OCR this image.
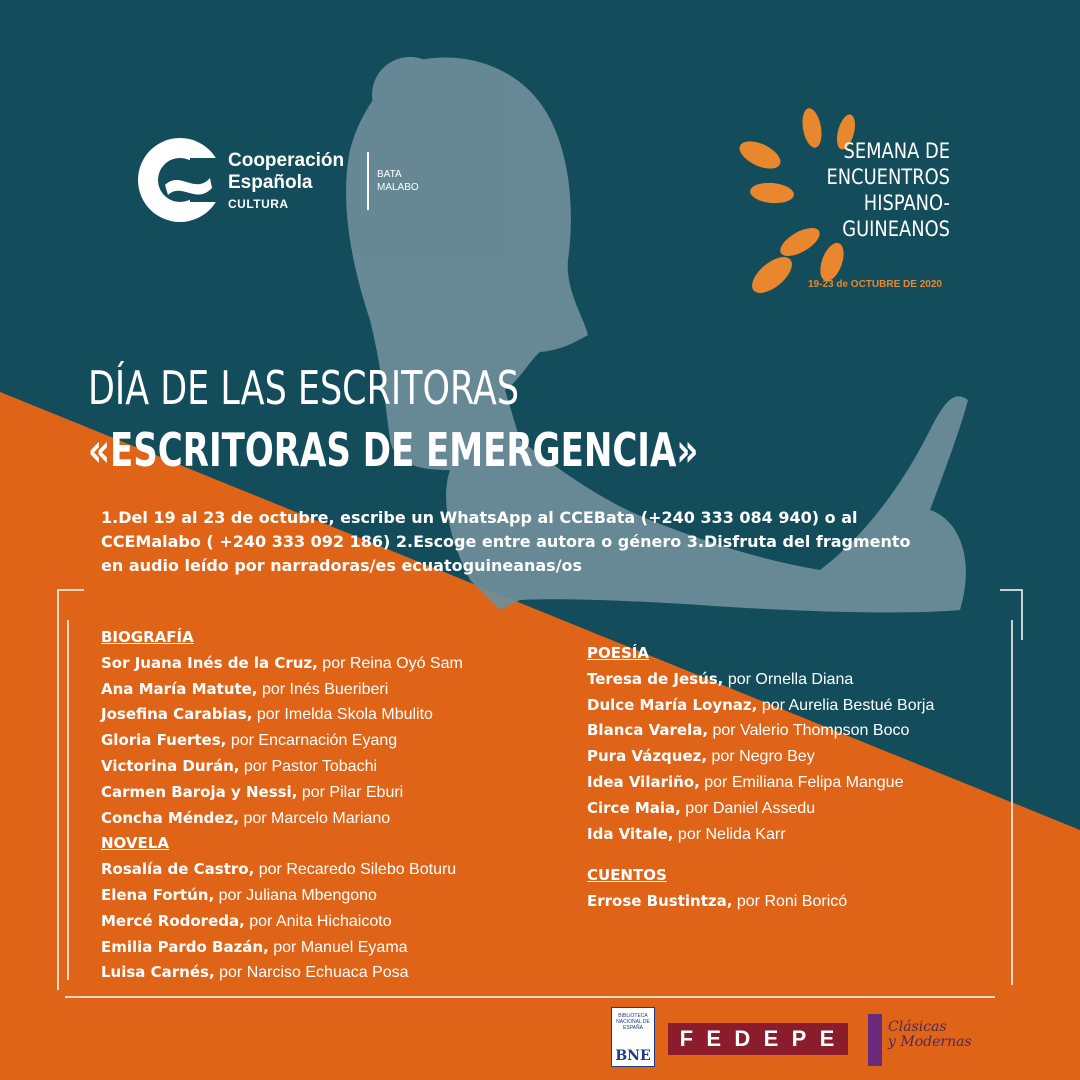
Cooperación
Española
CULTURA
BATA
MALABO
SEMANA DE
ENCUENTROS
HISPANO-
GUINEANOS
19-23 de OCTUBRE DE 2020
DÍA DE LAS ESCRITORAS
«ESCRITORAS DE EMERGENCIA»
1.Del 19 al 23 de octubre, escribe un WhatsApp al CCEBata (+240 333 084 940) o al CCEMalabo ( +240 333 092 186) 2.Escoge entre autora o género 3.Disfruta del fragmento en audio leído por narradoras/es ecuatoguineanas/os
BIOGRAFÍA
Sor Juana Inés de la Cruz, por Reina Oyó Sam
Ana María Matute, por Inés Bueriberi
Josefina Carabias, por Imelda Skola Mbulito
Gloria Fuertes, por Encarnación Eyang
Victorina Durán, por Pastor Tobachi
Carmen Baroja y Nessi, por Pilar Eburi
Concha Méndez, por Marcelo Mariano
NOVELA
Rosalía de Castro, por Recaredo Silebo Boturu
Elena Fortún, por Juliana Mbengono
Mercé Rodoreda, por Anita Hichaicoto
Emilia Pardo Bazán, por Manuel Eyama
Luisa Carnés, por Narciso Echuaca Posa
POESÍA
Teresa de Jesús, por Ornella Diana
Dulce María Loynaz, por Aurelia Bestué Borja
Blanca Varela, por Valerio Thompson Boco
Pura Vázquez, por Negro Bey
Idea Vilariño, por Emiliana Felipa Mangue
Circe Maia, por Daniel Assedu
Ida Vitale, por Nelida Karr
CUENTOS
Errose Bustintza, por Roni Boricó
BIBLIOTECA NACIONAL DE ESPAÑA
BNE
F E D E P E	Clásicas
y Modernas
